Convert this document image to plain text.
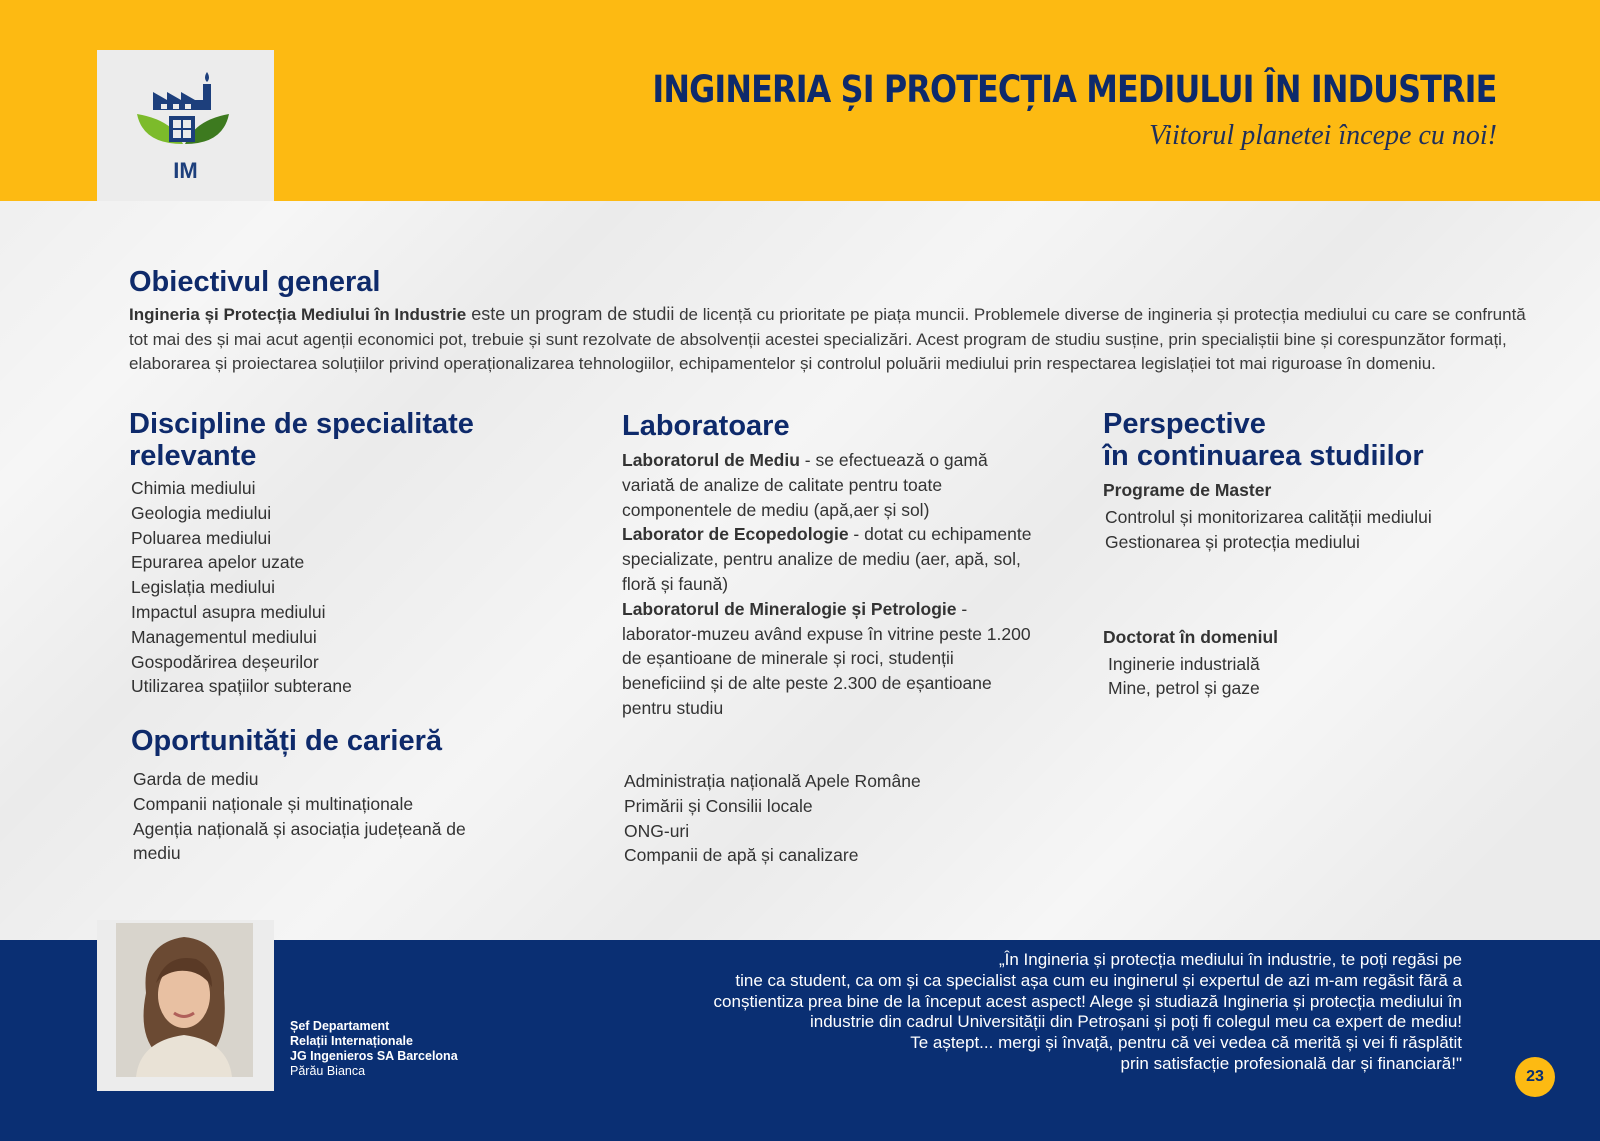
IM
INGINERIA ȘI PROTECȚIA MEDIULUI ÎN INDUSTRIE
Viitorul planetei începe cu noi!
Obiectivul general

Ingineria și Protecția Mediului în Industrie este un program de studii de licență cu prioritate pe piața muncii. Problemele diverse de ingineria și protecția mediului cu care se confruntă tot mai des și mai acut agenții economici pot, trebuie și sunt rezolvate de absolvenții acestei specializări. Acest program de studiu susține, prin specialiștii bine și corespunzător formați, elaborarea și proiectarea soluțiilor privind operaționalizarea tehnologiilor, echipamentelor și controlul poluării mediului prin respectarea legislației tot mai riguroase în domeniu.

Discipline de specialitate
relevante
Chimia mediului
Geologia mediului
Poluarea mediului
Epurarea apelor uzate
Legislația mediului
Impactul asupra mediului
Managementul mediului
Gospodărirea deșeurilor
Utilizarea spațiilor subterane
Laboratoare
Laboratorul de Mediu - se efectuează o gamă variată de analize de calitate pentru toate componentele de mediu (apă,aer și sol)
Laborator de Ecopedologie - dotat cu echipamente specializate, pentru analize de mediu (aer, apă, sol, floră și faună)
Laboratorul de Mineralogie și Petrologie - laborator-muzeu având expuse în vitrine peste 1.200 de eșantioane de minerale și roci, studenții beneficiind și de alte peste 2.300 de eșantioane pentru studiu
Perspective
în continuarea studiilor
Programe de Master
Controlul și monitorizarea calității mediului
Gestionarea și protecția mediului
Doctorat în domeniul
Inginerie industrială
Mine, petrol și gaze
Oportunități de carieră
Garda de mediu
Companii naționale și multinaționale
Agenția națională și asociația județeană de mediu
Administrația națională Apele Române
Primării și Consilii locale
ONG-uri
Companii de apă și canalizare
Șef Departament
Relații Internaționale
JG Ingenieros SA Barcelona
Părău Bianca
„În Ingineria și protecția mediului în industrie, te poți regăsi pe
tine ca student, ca om și ca specialist așa cum eu inginerul și expertul de azi m-am regăsit fără a
conștientiza prea bine de la început acest aspect! Alege și studiază Ingineria și protecția mediului în
industrie din cadrul Universității din Petroșani și poți fi colegul meu ca expert de mediu!
Te aștept... mergi și învață, pentru că vei vedea că merită și vei fi răsplătit
prin satisfacție profesională dar și financiară!"
23
